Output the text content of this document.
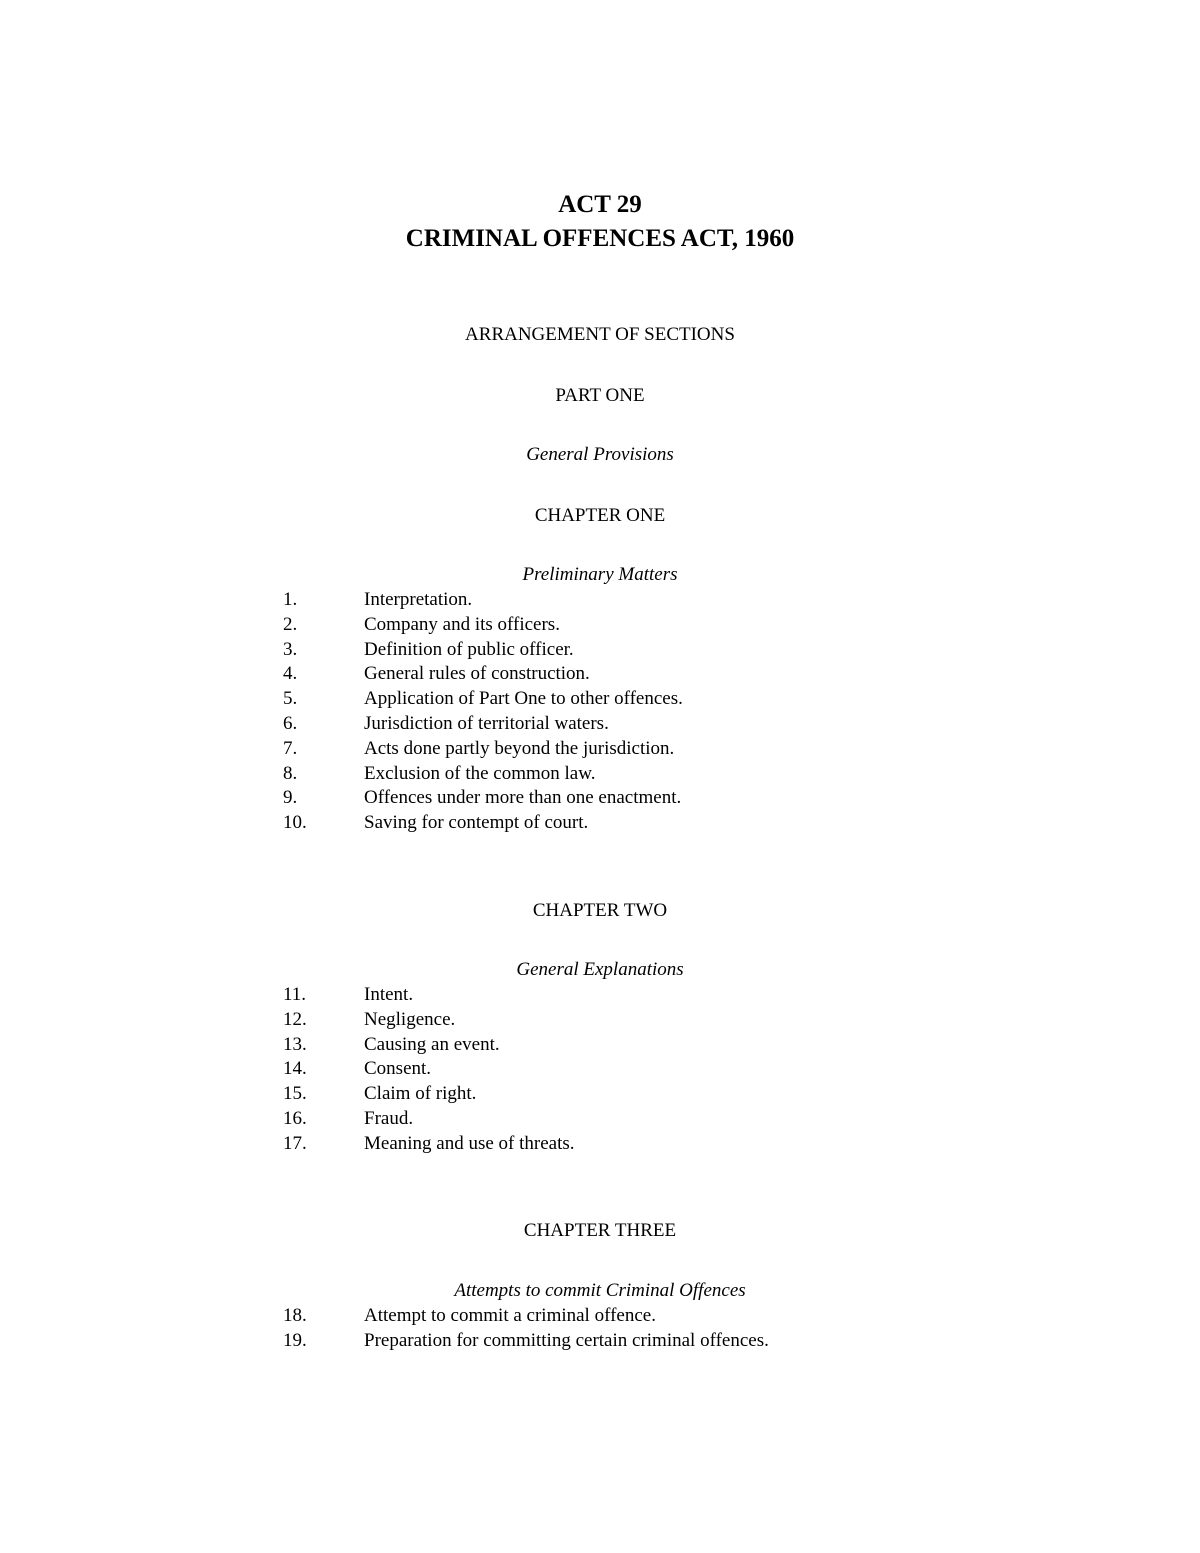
ACT 29
CRIMINAL OFFENCES ACT, 1960
ARRANGEMENT OF SECTIONS
PART ONE
General Provisions
CHAPTER ONE
Preliminary Matters
1.	Interpretation.
2.	Company and its officers.
3.	Definition of public officer.
4.	General rules of construction.
5.	Application of Part One to other offences.
6.	Jurisdiction of territorial waters.
7.	Acts done partly beyond the jurisdiction.
8.	Exclusion of the common law.
9.	Offences under more than one enactment.
10.	Saving for contempt of court.
CHAPTER TWO
General Explanations
11.	Intent.
12.	Negligence.
13.	Causing an event.
14.	Consent.
15.	Claim of right.
16.	Fraud.
17.	Meaning and use of threats.
CHAPTER THREE
Attempts to commit Criminal Offences
18.	Attempt to commit a criminal offence.
19.	Preparation for committing certain criminal offences.
